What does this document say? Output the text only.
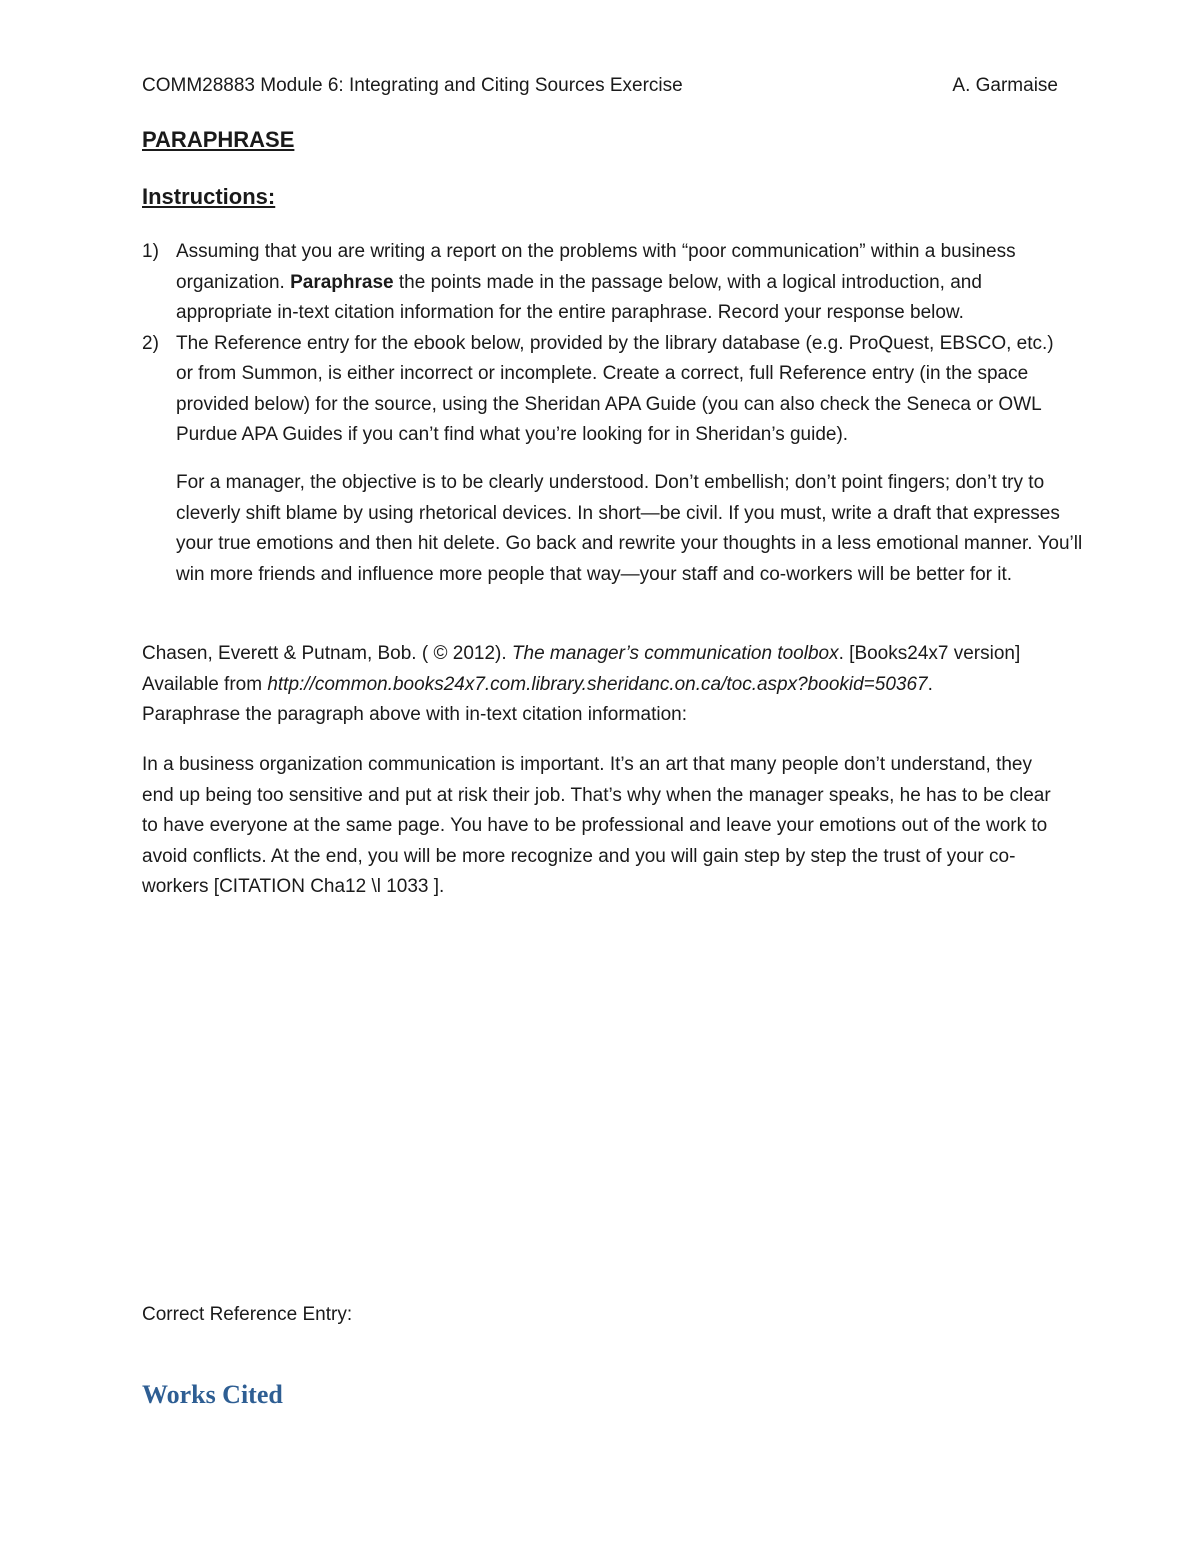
COMM28883 Module 6: Integrating and Citing Sources Exercise	A. Garmaise
PARAPHRASE
Instructions:
1) Assuming that you are writing a report on the problems with “poor communication” within a business organization. Paraphrase the points made in the passage below, with a logical introduction, and appropriate in-text citation information for the entire paraphrase. Record your response below.
2) The Reference entry for the ebook below, provided by the library database (e.g. ProQuest, EBSCO, etc.) or from Summon, is either incorrect or incomplete. Create a correct, full Reference entry (in the space provided below) for the source, using the Sheridan APA Guide (you can also check the Seneca or OWL Purdue APA Guides if you can’t find what you’re looking for in Sheridan’s guide).
For a manager, the objective is to be clearly understood. Don’t embellish; don’t point fingers; don’t try to cleverly shift blame by using rhetorical devices. In short—be civil. If you must, write a draft that expresses your true emotions and then hit delete. Go back and rewrite your thoughts in a less emotional manner. You’ll win more friends and influence more people that way—your staff and co-workers will be better for it.
Chasen, Everett & Putnam, Bob. ( © 2012). The manager’s communication toolbox. [Books24x7 version]
Available from http://common.books24x7.com.library.sheridanc.on.ca/toc.aspx?bookid=50367.
Paraphrase the paragraph above with in-text citation information:
In a business organization communication is important. It’s an art that many people don’t understand, they end up being too sensitive and put at risk their job. That’s why when the manager speaks, he has to be clear to have everyone at the same page. You have to be professional and leave your emotions out of the work to avoid conflicts. At the end, you will be more recognize and you will gain step by step the trust of your co-workers [CITATION Cha12 \l 1033 ].
Correct Reference Entry:
Works Cited
